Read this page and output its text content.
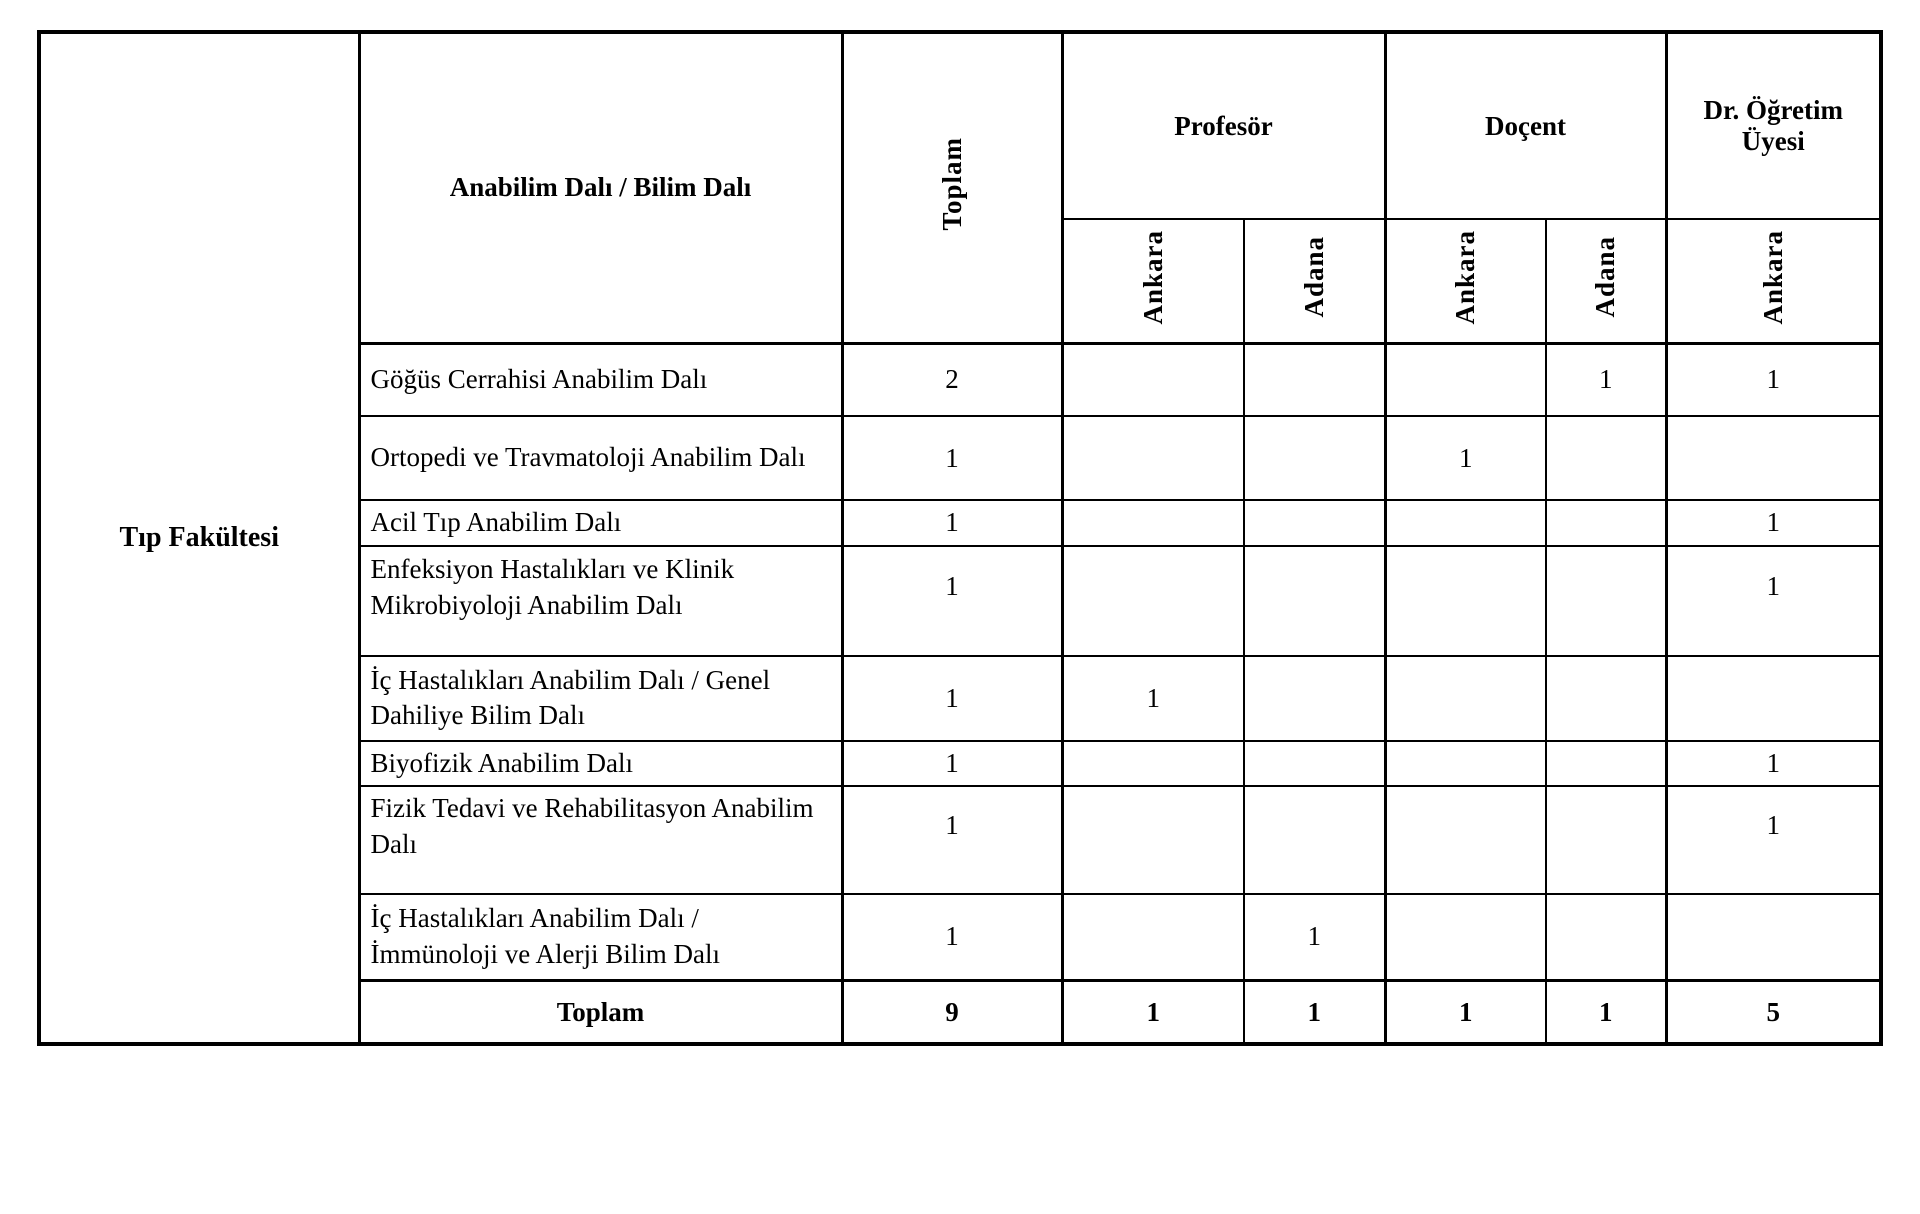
Tıp Fakültesi	Anabilim Dalı / Bilim Dalı	Toplam	Profesör		Doçent		Dr. Öğretim Üyesi
			Ankara	Adana	Ankara	Adana	Ankara
	Göğüs Cerrahisi Anabilim Dalı	2				1	1
	Ortopedi ve Travmatoloji Anabilim Dalı	1			1		
	Acil Tıp Anabilim Dalı	1					1
	Enfeksiyon Hastalıkları ve Klinik Mikrobiyoloji Anabilim Dalı	1					1
	İç Hastalıkları Anabilim Dalı / Genel Dahiliye Bilim Dalı	1	1				
	Biyofizik Anabilim Dalı	1					1
	Fizik Tedavi ve Rehabilitasyon Anabilim Dalı	1					1
	İç Hastalıkları Anabilim Dalı / İmmünoloji ve Alerji Bilim Dalı	1		1			
	Toplam	9	1	1	1	1	5
